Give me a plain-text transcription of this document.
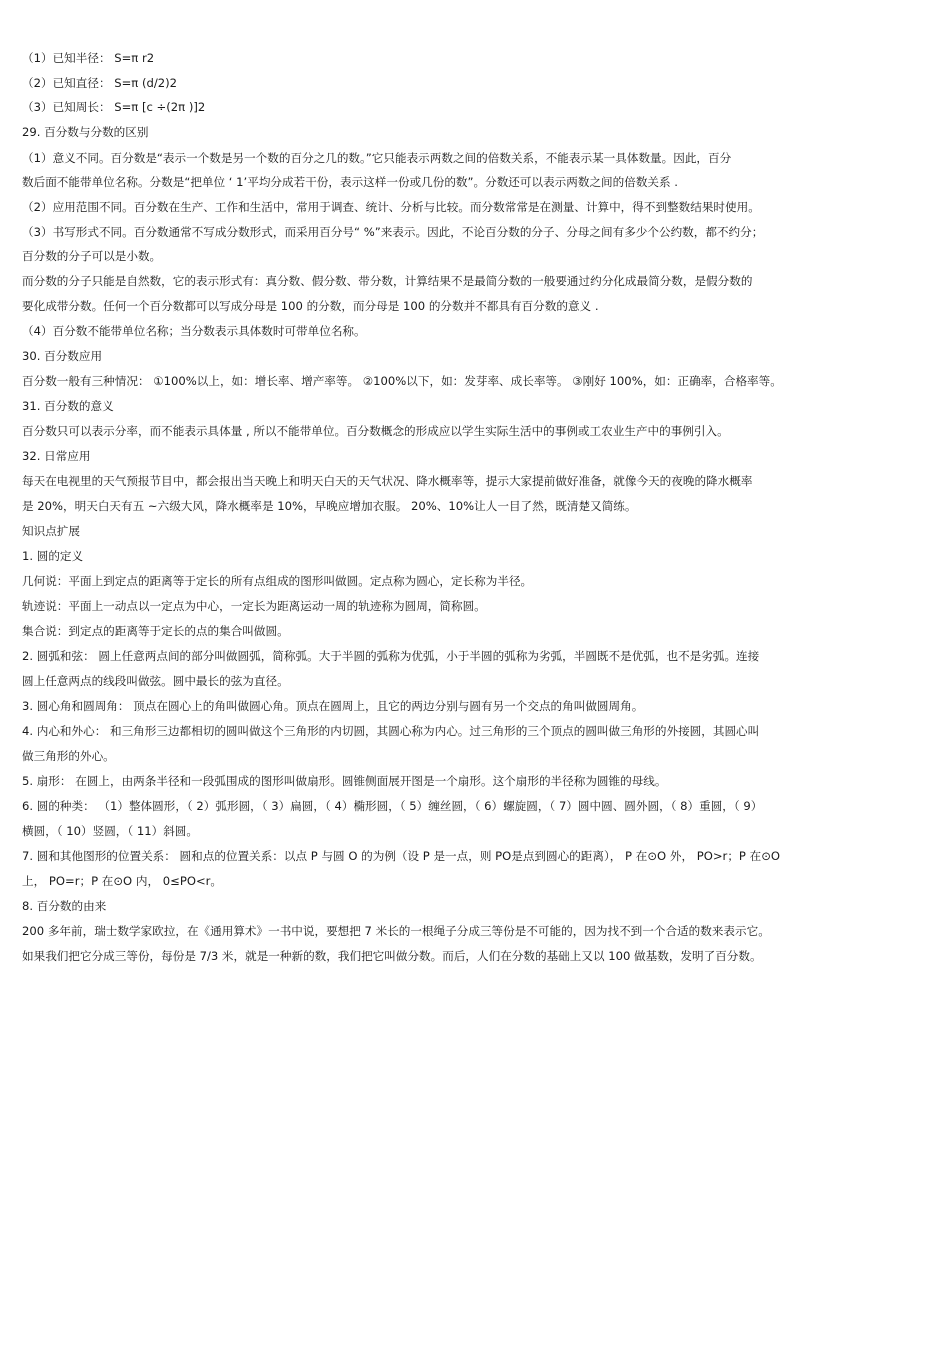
（1）已知半径： S=π r2
（2）已知直径： S=π (d/2)2
（3）已知周长： S=π [c ÷(2π )]2
29. 百分数与分数的区别
（1）意义不同。百分数是“表示一个数是另一个数的百分之几的数。”它只能表示两数之间的倍数关系，不能表示某一具体数量。因此，百分
数后面不能带单位名称。分数是“把单位 ‘ 1’平均分成若干份，表示这样一份或几份的数”。分数还可以表示两数之间的倍数关系 .
（2）应用范围不同。百分数在生产、工作和生活中，常用于调查、统计、分析与比较。而分数常常是在测量、计算中，得不到整数结果时使用。
（3）书写形式不同。百分数通常不写成分数形式，而采用百分号“ %”来表示。因此，不论百分数的分子、分母之间有多少个公约数，都不约分；
百分数的分子可以是小数。
而分数的分子只能是自然数，它的表示形式有：真分数、假分数、带分数，计算结果不是最简分数的一般要通过约分化成最简分数，是假分数的
要化成带分数。任何一个百分数都可以写成分母是 100 的分数，而分母是 100 的分数并不都具有百分数的意义 .
（4）百分数不能带单位名称；当分数表示具体数时可带单位名称。
30. 百分数应用
百分数一般有三种情况： ①100%以上，如：增长率、增产率等。 ②100%以下，如：发芽率、成长率等。 ③刚好 100%，如：正确率，合格率等。
31. 百分数的意义
百分数只可以表示分率，而不能表示具体量 , 所以不能带单位。百分数概念的形成应以学生实际生活中的事例或工农业生产中的事例引入。
32. 日常应用
每天在电视里的天气预报节目中，都会报出当天晚上和明天白天的天气状况、降水概率等，提示大家提前做好准备，就像今天的夜晚的降水概率
是 20%，明天白天有五 ~六级大风，降水概率是 10%，早晚应增加衣服。 20%、10%让人一目了然，既清楚又简练。
知识点扩展
1. 圆的定义
几何说：平面上到定点的距离等于定长的所有点组成的图形叫做圆。定点称为圆心，定长称为半径。
轨迹说：平面上一动点以一定点为中心，一定长为距离运动一周的轨迹称为圆周，简称圆。
集合说：到定点的距离等于定长的点的集合叫做圆。
2. 圆弧和弦： 圆上任意两点间的部分叫做圆弧，简称弧。大于半圆的弧称为优弧，小于半圆的弧称为劣弧，半圆既不是优弧，也不是劣弧。连接
圆上任意两点的线段叫做弦。圆中最长的弦为直径。
3. 圆心角和圆周角： 顶点在圆心上的角叫做圆心角。顶点在圆周上，且它的两边分别与圆有另一个交点的角叫做圆周角。
4. 内心和外心： 和三角形三边都相切的圆叫做这个三角形的内切圆，其圆心称为内心。过三角形的三个顶点的圆叫做三角形的外接圆，其圆心叫
做三角形的外心。
5. 扇形： 在圆上，由两条半径和一段弧围成的图形叫做扇形。圆锥侧面展开图是一个扇形。这个扇形的半径称为圆锥的母线。
6. 圆的种类： （1）整体圆形，（ 2）弧形圆，（ 3）扁圆，（ 4）椭形圆，（ 5）缠丝圆，（ 6）螺旋圆，（ 7）圆中圆、圆外圆，（ 8）重圆，（ 9）
横圆，（ 10）竖圆，（ 11）斜圆。
7. 圆和其他图形的位置关系： 圆和点的位置关系：以点 P 与圆 O 的为例（设 P 是一点，则 PO是点到圆心的距离）， P 在⊙O 外， PO>r；P 在⊙O
上， PO=r；P 在⊙O 内， 0≤PO<r。
8. 百分数的由来
200 多年前，瑞士数学家欧拉，在《通用算术》一书中说，要想把 7 米长的一根绳子分成三等份是不可能的，因为找不到一个合适的数来表示它。
如果我们把它分成三等份，每份是 7/3 米，就是一种新的数，我们把它叫做分数。而后，人们在分数的基础上又以 100 做基数，发明了百分数。
